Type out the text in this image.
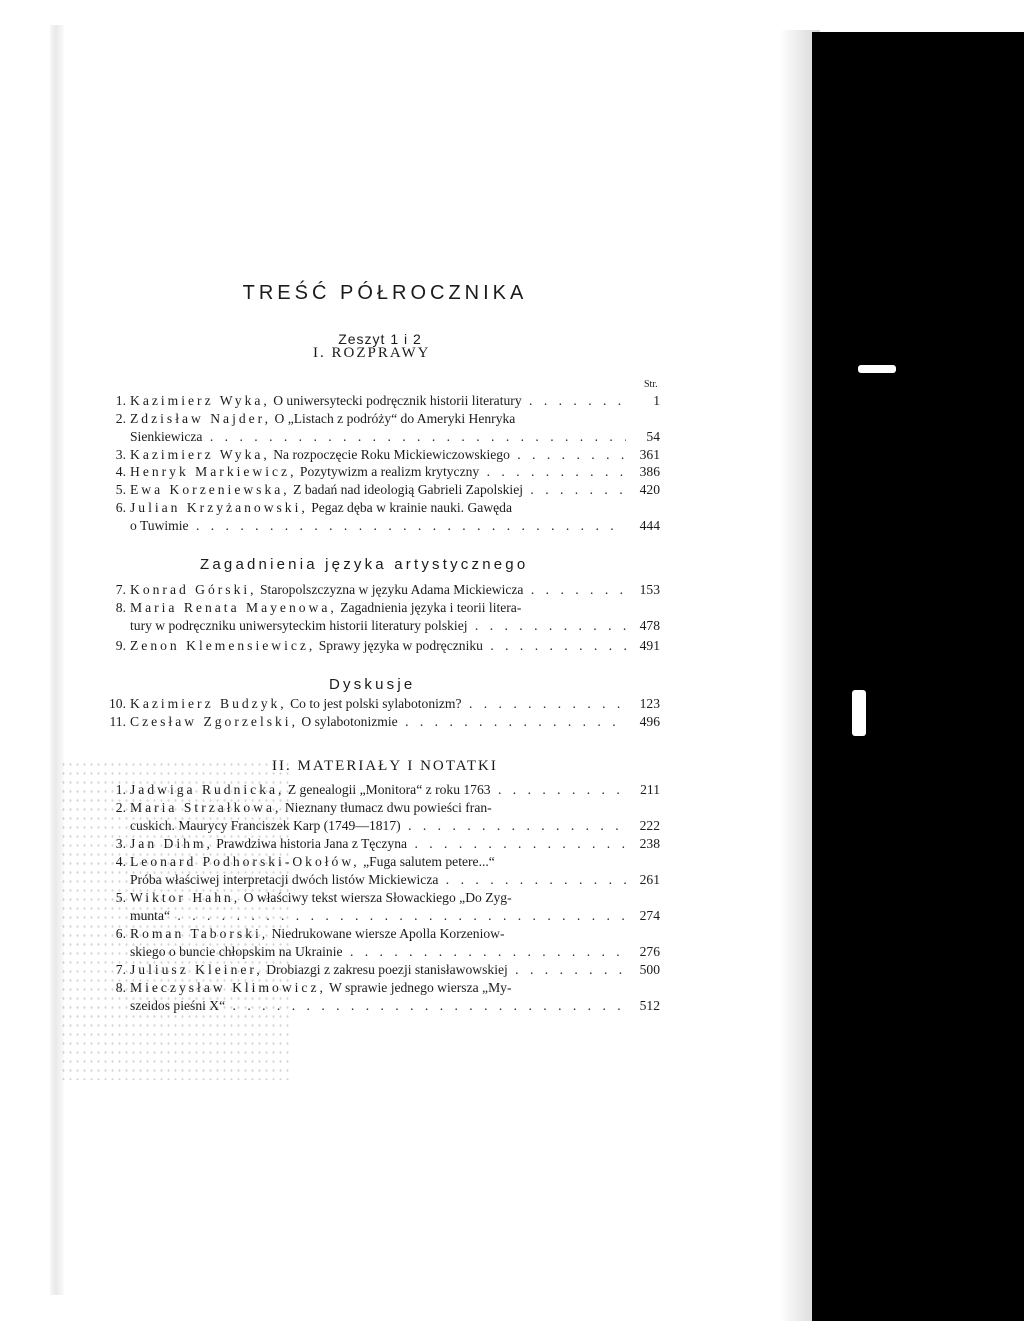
TREŚĆ PÓŁROCZNIKA
Zeszyt 1 i 2
I. ROZPRAWY
Str.
Zagadnienia języka artystycznego
Dyskusje
II. MATERIAŁY I NOTATKI
1. Kazimierz Wyka, O uniwersytecki podręcznik historii literatury . . .	1
2. Zdzisław Najder, O „Listach z podróży“ do Ameryki Henryka
Sienkiewicza . . .	54
3. Kazimierz Wyka, Na rozpoczęcie Roku Mickiewiczowskiego . . .	361
4. Henryk Markiewicz, Pozytywizm a realizm krytyczny . . .	386
5. Ewa Korzeniewska, Z badań nad ideologią Gabrieli Zapolskiej . . .	420
6. Julian Krzyżanowski, Pegaz dęba w krainie nauki. Gawęda
o Tuwimie . . .	444
7. Konrad Górski, Staropolszczyzna w języku Adama Mickiewicza . . .	153
8. Maria Renata Mayenowa, Zagadnienia języka i teorii litera-
tury w podręczniku uniwersyteckim historii literatury polskiej . . .	478
9. Zenon Klemensiewicz, Sprawy języka w podręczniku . . .	491
10. Kazimierz Budzyk, Co to jest polski sylabotonizm? . . .	123
11. Czesław Zgorzelski, O sylabotonizmie . . .	496
1. Jadwiga Rudnicka, Z genealogii „Monitora“ z roku 1763 . . .	211
2. Maria Strzałkowa, Nieznany tłumacz dwu powieści fran-
cuskich. Maurycy Franciszek Karp (1749—1817) . . .	222
3. Jan Dihm, Prawdziwa historia Jana z Tęczyna . . .	238
4. Leonard Podhorski-Okołów, „Fuga salutem petere...“
Próba właściwej interpretacji dwóch listów Mickiewicza . . .	261
5. Wiktor Hahn, O właściwy tekst wiersza Słowackiego „Do Zyg-
munta“ . . .	274
6. Roman Taborski, Niedrukowane wiersze Apolla Korzeniow-
skiego o buncie chłopskim na Ukrainie . . .	276
7. Juliusz Kleiner, Drobiazgi z zakresu poezji stanisławowskiej . . .	500
8. Mieczysław Klimowicz, W sprawie jednego wiersza „My-
szeidos pieśni X“ . . .	512
